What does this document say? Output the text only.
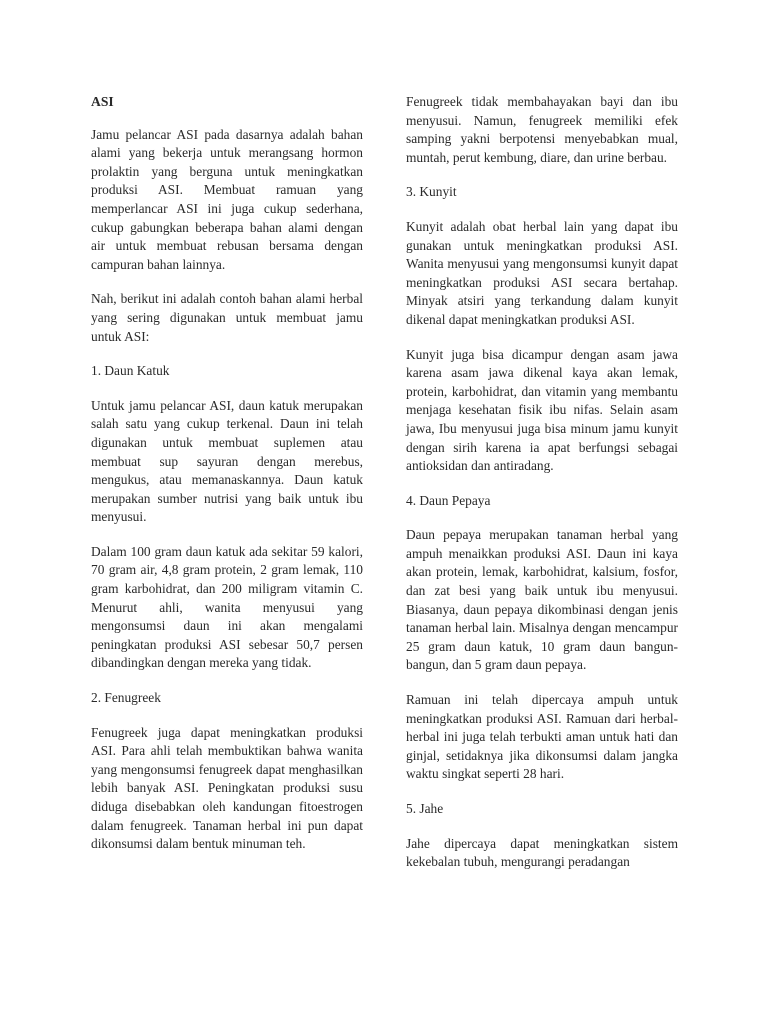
ASI

Jamu pelancar ASI pada dasarnya adalah bahan alami yang bekerja untuk merangsang hormon prolaktin yang berguna untuk meningkatkan produksi ASI. Membuat ramuan yang memperlancar ASI ini juga cukup sederhana, cukup gabungkan beberapa bahan alami dengan air untuk membuat rebusan bersama dengan campuran bahan lainnya.

Nah, berikut ini adalah contoh bahan alami herbal yang sering digunakan untuk membuat jamu untuk ASI:

1. Daun Katuk

Untuk jamu pelancar ASI, daun katuk merupakan salah satu yang cukup terkenal. Daun ini telah digunakan untuk membuat suplemen atau membuat sup sayuran dengan merebus, mengukus, atau memanaskannya. Daun katuk merupakan sumber nutrisi yang baik untuk ibu menyusui.

Dalam 100 gram daun katuk ada sekitar 59 kalori, 70 gram air, 4,8 gram protein, 2 gram lemak, 110 gram karbohidrat, dan 200 miligram vitamin C. Menurut ahli, wanita menyusui yang mengonsumsi daun ini akan mengalami peningkatan produksi ASI sebesar 50,7 persen dibandingkan dengan mereka yang tidak.

2. Fenugreek

Fenugreek juga dapat meningkatkan produksi ASI. Para ahli telah membuktikan bahwa wanita yang mengonsumsi fenugreek dapat menghasilkan lebih banyak ASI. Peningkatan produksi susu diduga disebabkan oleh kandungan fitoestrogen dalam fenugreek. Tanaman herbal ini pun dapat dikonsumsi dalam bentuk minuman teh.

Fenugreek tidak membahayakan bayi dan ibu menyusui. Namun, fenugreek memiliki efek samping yakni berpotensi menyebabkan mual, muntah, perut kembung, diare, dan urine berbau.

3. Kunyit

Kunyit adalah obat herbal lain yang dapat ibu gunakan untuk meningkatkan produksi ASI. Wanita menyusui yang mengonsumsi kunyit dapat meningkatkan produksi ASI secara bertahap. Minyak atsiri yang terkandung dalam kunyit dikenal dapat meningkatkan produksi ASI.

Kunyit juga bisa dicampur dengan asam jawa karena asam jawa dikenal kaya akan lemak, protein, karbohidrat, dan vitamin yang membantu menjaga kesehatan fisik ibu nifas. Selain asam jawa, Ibu menyusui juga bisa minum jamu kunyit dengan sirih karena ia apat berfungsi sebagai antioksidan dan antiradang.

4. Daun Pepaya

Daun pepaya merupakan tanaman herbal yang ampuh menaikkan produksi ASI. Daun ini kaya akan protein, lemak, karbohidrat, kalsium, fosfor, dan zat besi yang baik untuk ibu menyusui. Biasanya, daun pepaya dikombinasi dengan jenis tanaman herbal lain. Misalnya dengan mencampur 25 gram daun katuk, 10 gram daun bangun-bangun, dan 5 gram daun pepaya.

Ramuan ini telah dipercaya ampuh untuk meningkatkan produksi ASI. Ramuan dari herbal-herbal ini juga telah terbukti aman untuk hati dan ginjal, setidaknya jika dikonsumsi dalam jangka waktu singkat seperti 28 hari.

5. Jahe

Jahe dipercaya dapat meningkatkan sistem kekebalan tubuh, mengurangi peradangan
